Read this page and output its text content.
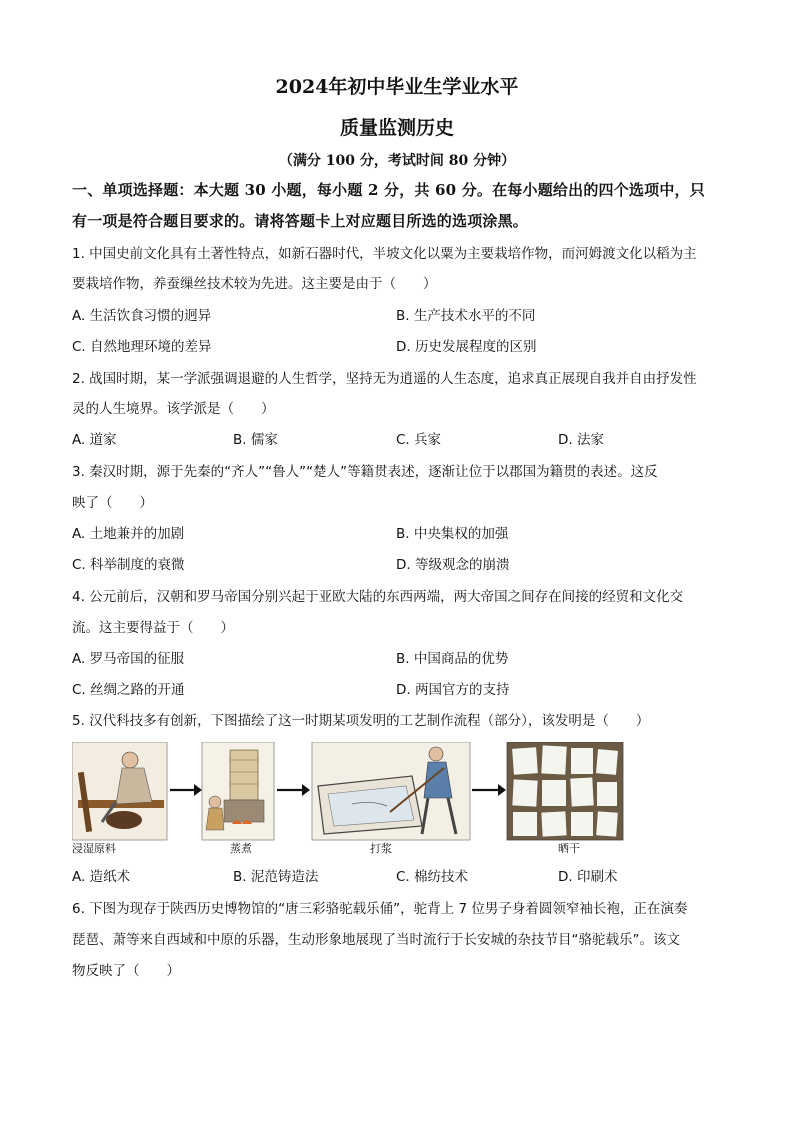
2024年初中毕业生学业水平
质量监测历史
（满分 100 分，考试时间 80 分钟）
一、单项选择题：本大题 30 小题，每小题 2 分，共 60 分。在每小题给出的四个选项中，只
有一项是符合题目要求的。请将答题卡上对应题目所选的选项涂黑。
1. 中国史前文化具有土著性特点，如新石器时代，半坡文化以粟为主要栽培作物，而河姆渡文化以稻为主
要栽培作物，养蚕缫丝技术较为先进。这主要是由于（　　）
A. 生活饮食习惯的迥异	B. 生产技术水平的不同
C. 自然地理环境的差异	D. 历史发展程度的区别
2. 战国时期，某一学派强调退避的人生哲学，坚持无为逍遥的人生态度，追求真正展现自我并自由抒发性
灵的人生境界。该学派是（　　）
A. 道家	B. 儒家	C. 兵家	D. 法家
3. 秦汉时期，源于先秦的“齐人”“鲁人”“楚人”等籍贯表述，逐渐让位于以郡国为籍贯的表述。这反
映了（　　）
A. 土地兼并的加剧	B. 中央集权的加强
C. 科举制度的衰微	D. 等级观念的崩溃
4. 公元前后，汉朝和罗马帝国分别兴起于亚欧大陆的东西两端，两大帝国之间存在间接的经贸和文化交
流。这主要得益于（　　）
A. 罗马帝国的征服	B. 中国商品的优势
C. 丝绸之路的开通	D. 两国官方的支持
5. 汉代科技多有创新，下图描绘了这一时期某项发明的工艺制作流程（部分），该发明是（　　）
浸湿原料	蒸煮	打浆	晒干
A. 造纸术	B. 泥范铸造法	C. 棉纺技术	D. 印刷术
6. 下图为现存于陕西历史博物馆的“唐三彩骆驼载乐俑”，驼背上 7 位男子身着圆领窄袖长袍，正在演奏
琵琶、萧等来自西域和中原的乐器，生动形象地展现了当时流行于长安城的杂技节目“骆驼载乐”。该文
物反映了（　　）
